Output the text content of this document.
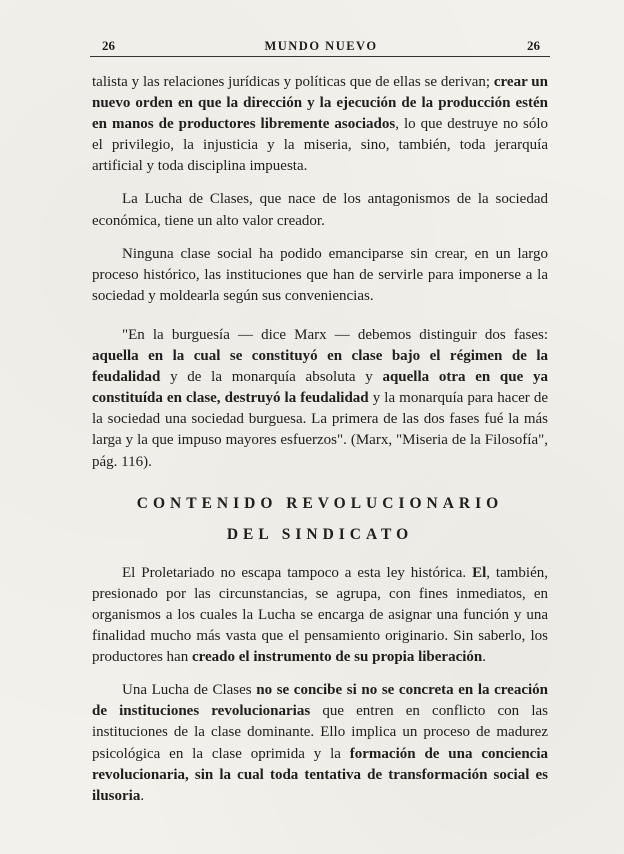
26	MUNDO NUEVO	26

talista y las relaciones jurídicas y políticas que de ellas se derivan; crear un nuevo orden en que la dirección y la ejecución de la producción estén en manos de productores libremente asociados, lo que destruye no sólo el privilegio, la injusticia y la miseria, sino, también, toda jerarquía artificial y toda disciplina impuesta.

La Lucha de Clases, que nace de los antagonismos de la sociedad económica, tiene un alto valor creador.

Ninguna clase social ha podido emanciparse sin crear, en un largo proceso histórico, las instituciones que han de servirle para imponerse a la sociedad y moldearla según sus conveniencias.

"En la burguesía — dice Marx — debemos distinguir dos fases: aquella en la cual se constituyó en clase bajo el régimen de la feudalidad y de la monarquía absoluta y aquella otra en que ya constituída en clase, destruyó la feudalidad y la monarquía para hacer de la sociedad una sociedad burguesa. La primera de las dos fases fué la más larga y la que impuso mayores esfuerzos". (Marx, "Miseria de la Filosofía", pág. 116).

CONTENIDO REVOLUCIONARIO
DEL SINDICATO

El Proletariado no escapa tampoco a esta ley histórica. El, también, presionado por las circunstancias, se agrupa, con fines inmediatos, en organismos a los cuales la Lucha se encarga de asignar una función y una finalidad mucho más vasta que el pensamiento originario. Sin saberlo, los productores han creado el instrumento de su propia liberación.

Una Lucha de Clases no se concibe si no se concreta en la creación de instituciones revolucionarias que entren en conflicto con las instituciones de la clase dominante. Ello implica un proceso de madurez psicológica en la clase oprimida y la formación de una conciencia revolucionaria, sin la cual toda tentativa de transformación social es ilusoria.
